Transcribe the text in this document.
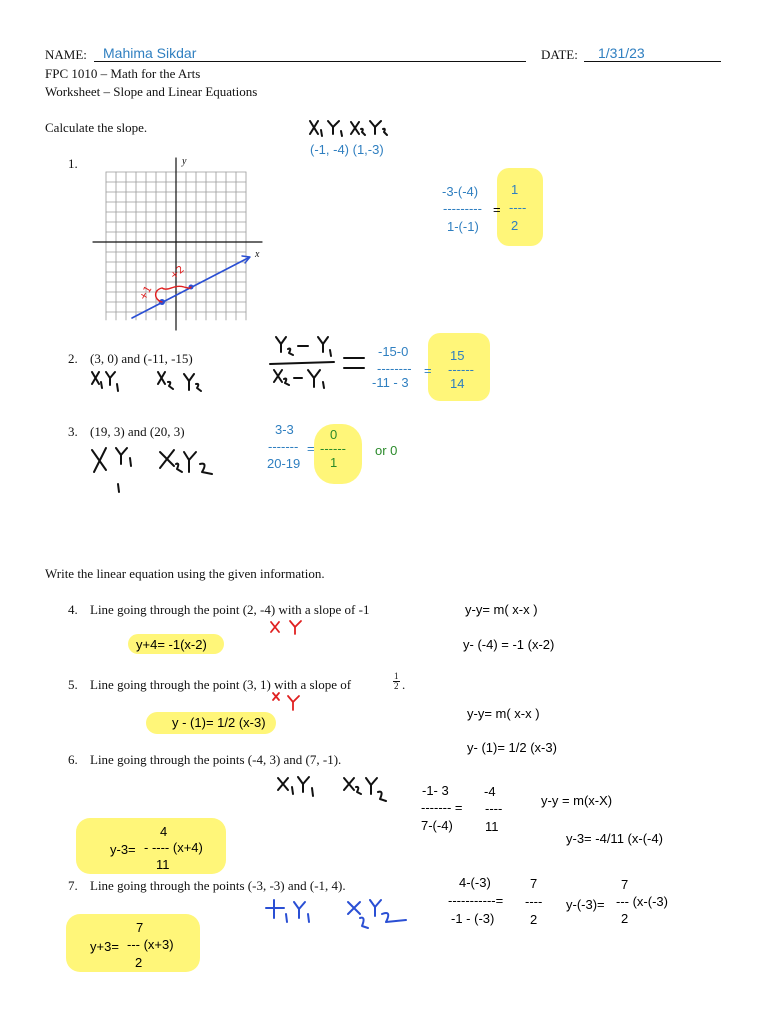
NAME: Mahima Sikdar	DATE: 1/31/23
FPC 1010 – Math for the Arts
Worksheet – Slope and Linear Equations
Calculate the slope.
1.
x
y
+1
+2
(-1, -4) (1,-3)
-3-(-4)
---------
1-(-1)
=
1
----
2
2. (3, 0) and (-11, -15)	-15-0
--------
-11 - 3
=
15
------
14
3. (19, 3) and (20, 3)	3-3
-------
20-19
=
0
------
1
or 0
Write the linear equation using the given information.
4. Line going through the point (2, -4) with a slope of -1
y+4= -1(x-2)
y-y= m( x-x )
y- (-4) = -1 (x-2)
5. Line going through the point (3, 1) with a slope of	$\frac{1}{2}$ .
y - (1)= 1/2 (x-3)
y-y= m( x-x )
y- (1)= 1/2 (x-3)
6. Line going through the points (-4, 3) and (7, -1).
-1- 3
------- =
7-(-4)
-4
----
11
y-y = m(x-X)
y-3= -4/11 (x-(-4)
4
y-3= - ---- (x+4)
11
7. Line going through the points (-3, -3) and (-1, 4).	4-(-3)
-----------=
-1 - (-3)
7
----
2
y-(-3)=
7
--- (x-(-3)
2
7
y+3= --- (x+3)
2
